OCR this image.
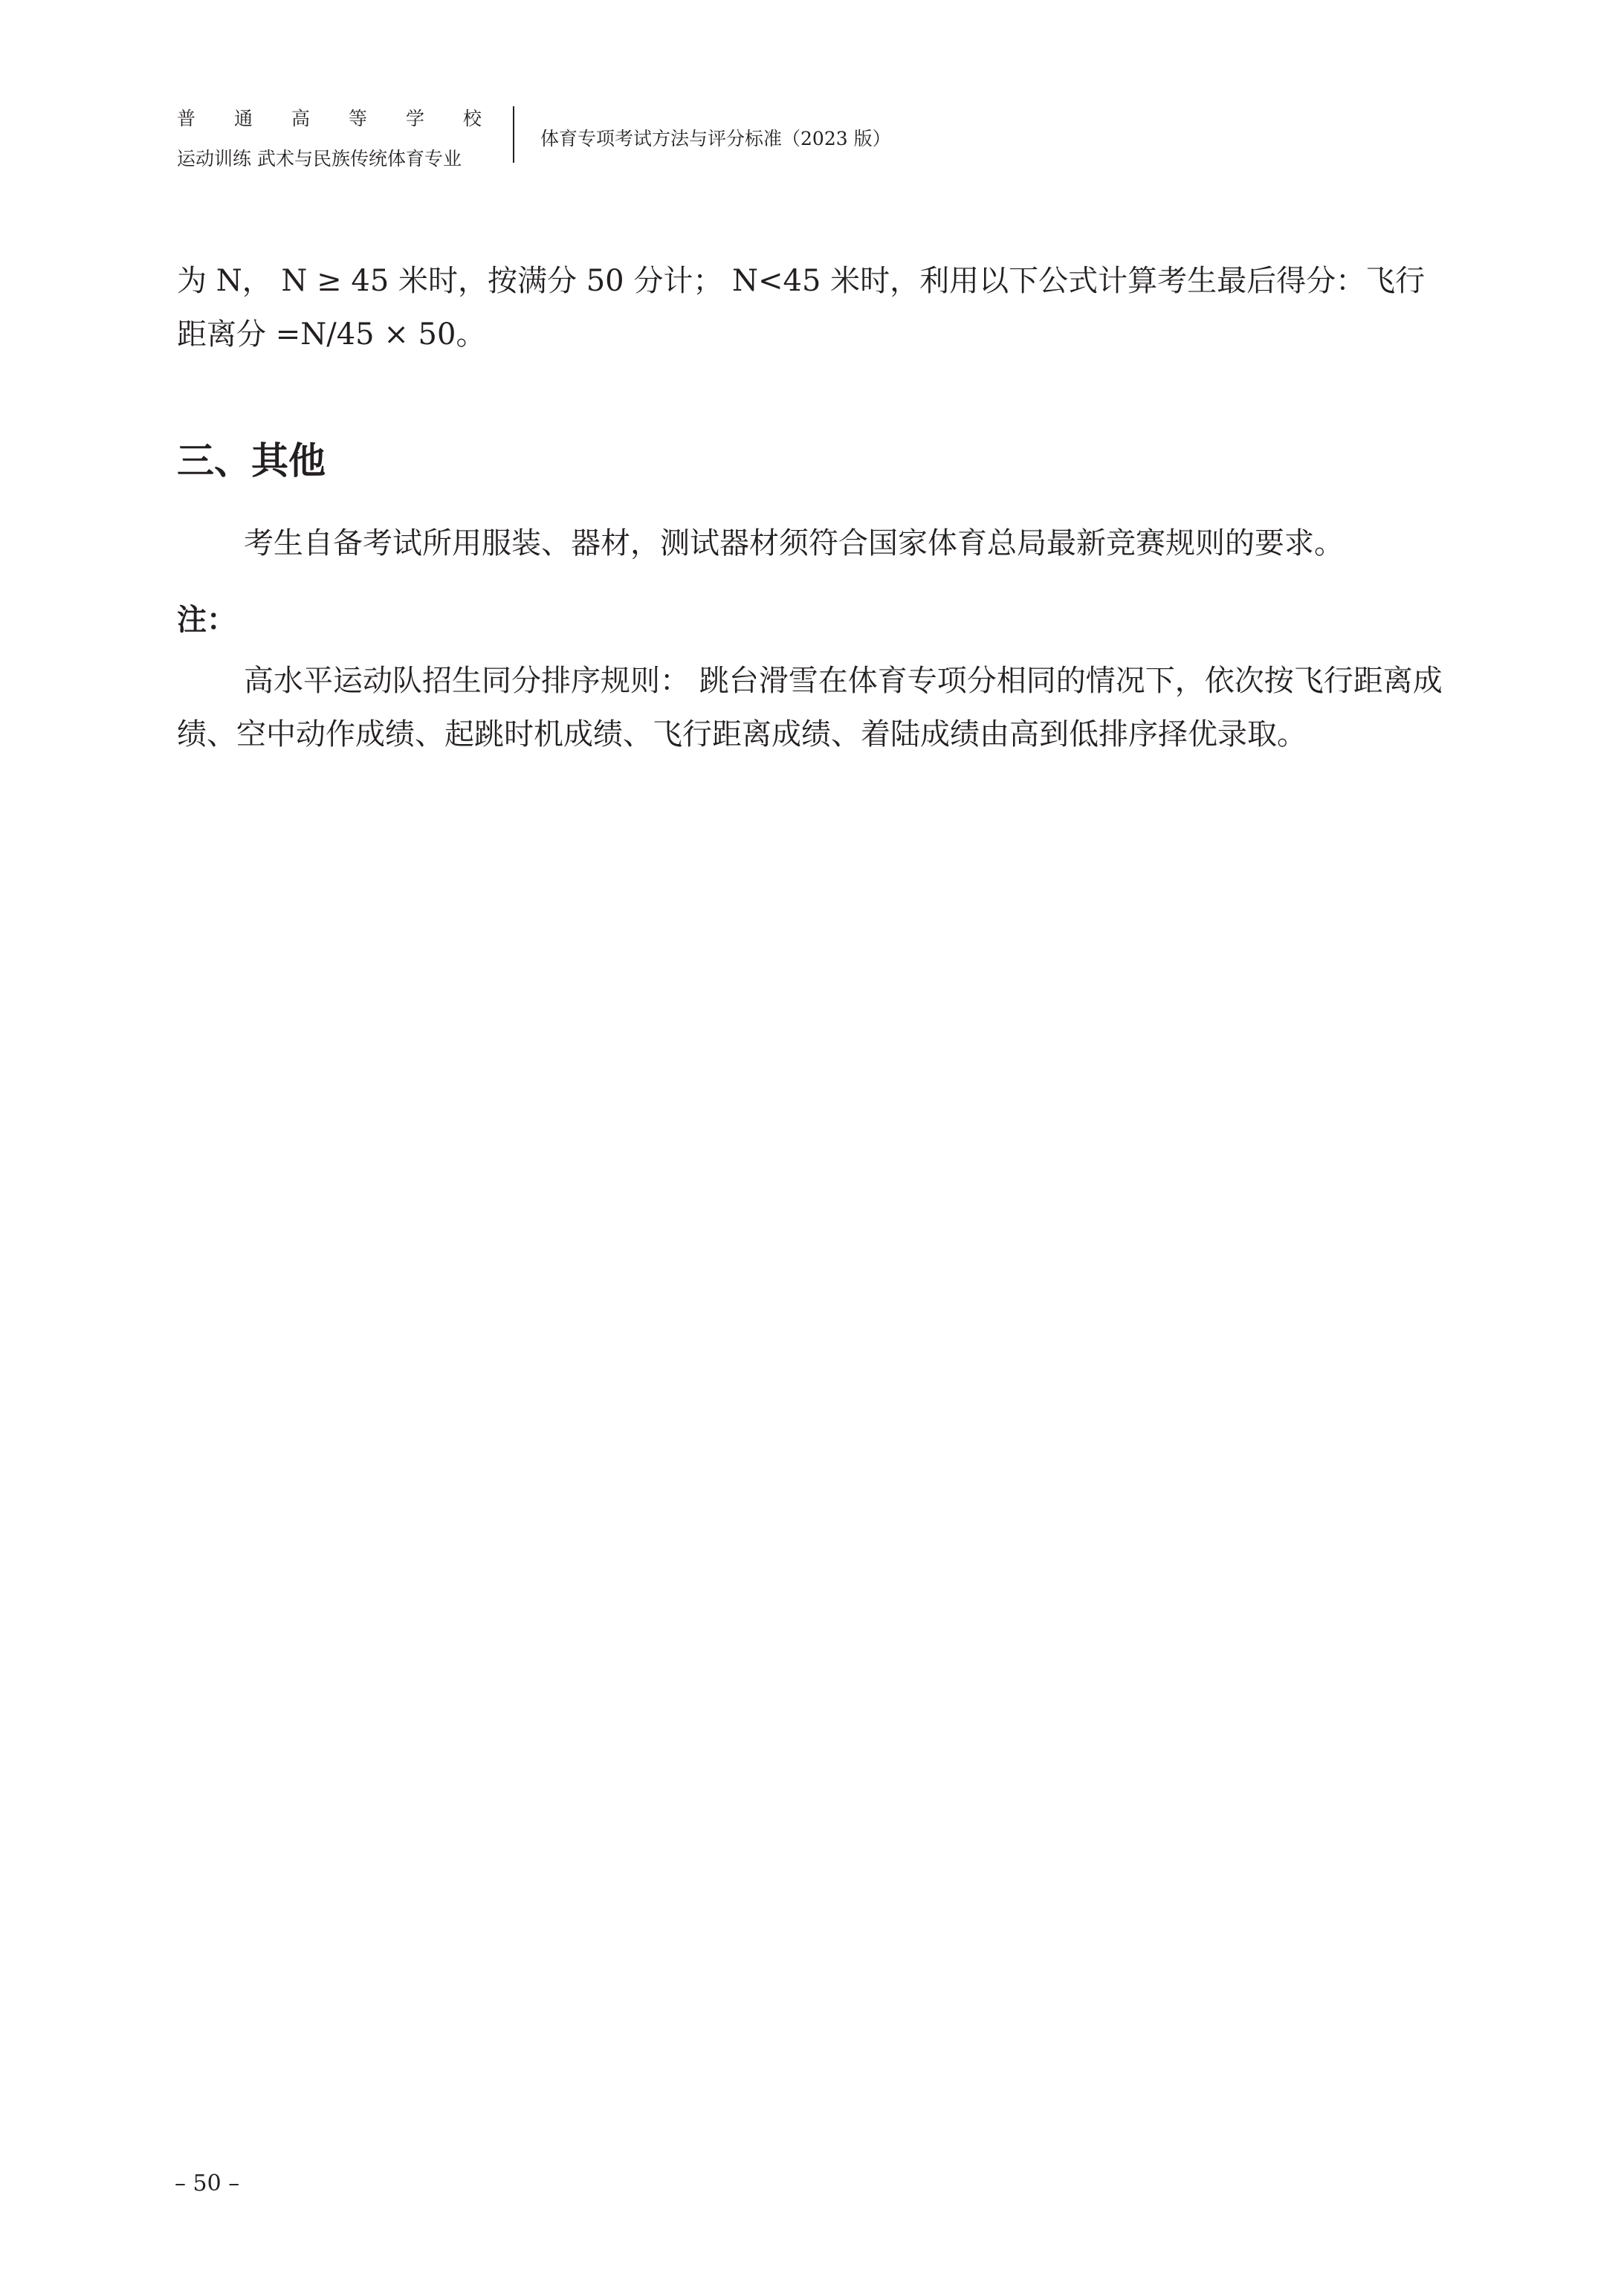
普 通 高 等 学 校
运动训练 武术与民族传统体育专业
体育专项考试方法与评分标准（2023 版）

为 N， N ≥ 45 米时，按满分 50 分计； N<45 米时，利用以下公式计算考生最后得分：飞行距离分 =N/45 × 50。

三、其他

考生自备考试所用服装、器材，测试器材须符合国家体育总局最新竞赛规则的要求。

注：

高水平运动队招生同分排序规则： 跳台滑雪在体育专项分相同的情况下，依次按飞行距离成绩、空中动作成绩、起跳时机成绩、飞行距离成绩、着陆成绩由高到低排序择优录取。

– 50 –
